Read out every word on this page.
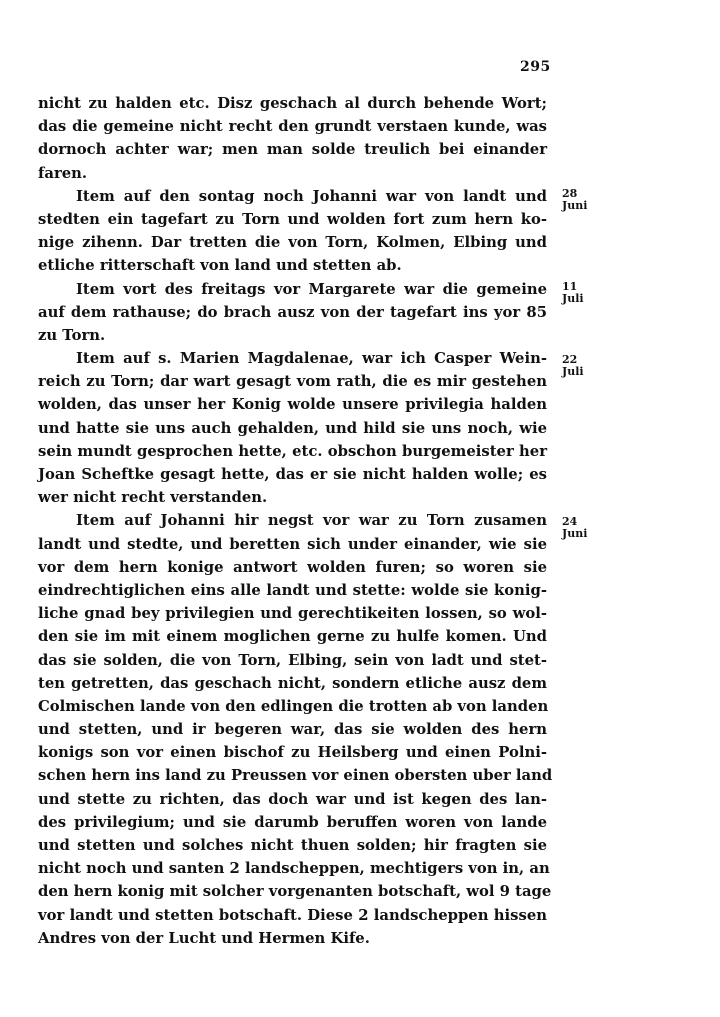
295
nicht zu halden etc. Disz geschach al durch behende Wort;
das die gemeine nicht recht den grundt verstaen kunde, was
dornoch achter war; men man solde treulich bei einander
faren.
Item auf den sontag noch Johanni war von landt und
stedten ein tagefart zu Torn und wolden fort zum hern ko-
nige zihenn. Dar tretten die von Torn, Kolmen, Elbing und
etliche ritterschaft von land und stetten ab.
Item vort des freitags vor Margarete war die gemeine
auf dem rathause; do brach ausz von der tagefart ins yor 85
zu Torn.
Item auf s. Marien Magdalenae, war ich Casper Wein-
reich zu Torn; dar wart gesagt vom rath, die es mir gestehen
wolden, das unser her Konig wolde unsere privilegia halden
und hatte sie uns auch gehalden, und hild sie uns noch, wie
sein mundt gesprochen hette, etc. obschon burgemeister her
Joan Scheftke gesagt hette, das er sie nicht halden wolle; es
wer nicht recht verstanden.
Item auf Johanni hir negst vor war zu Torn zusamen
landt und stedte, und beretten sich under einander, wie sie
vor dem hern konige antwort wolden furen; so woren sie
eindrechtiglichen eins alle landt und stette: wolde sie konig-
liche gnad bey privilegien und gerechtikeiten lossen, so wol-
den sie im mit einem moglichen gerne zu hulfe komen. Und
das sie solden, die von Torn, Elbing, sein von ladt und stet-
ten getretten, das geschach nicht, sondern etliche ausz dem
Colmischen lande von den edlingen die trotten ab von landen
und stetten, und ir begeren war, das sie wolden des hern
konigs son vor einen bischof zu Heilsberg und einen Polni-
schen hern ins land zu Preussen vor einen obersten uber land
und stette zu richten, das doch war und ist kegen des lan-
des privilegium; und sie darumb beruffen woren von lande
und stetten und solches nicht thuen solden; hir fragten sie
nicht noch und santen 2 landscheppen, mechtigers von in, an
den hern konig mit solcher vorgenanten botschaft, wol 9 tage
vor landt und stetten botschaft. Diese 2 landscheppen hissen
Andres von der Lucht und Hermen Kife.
28
Juni
11
Juli
22
Juli
24
Juni
